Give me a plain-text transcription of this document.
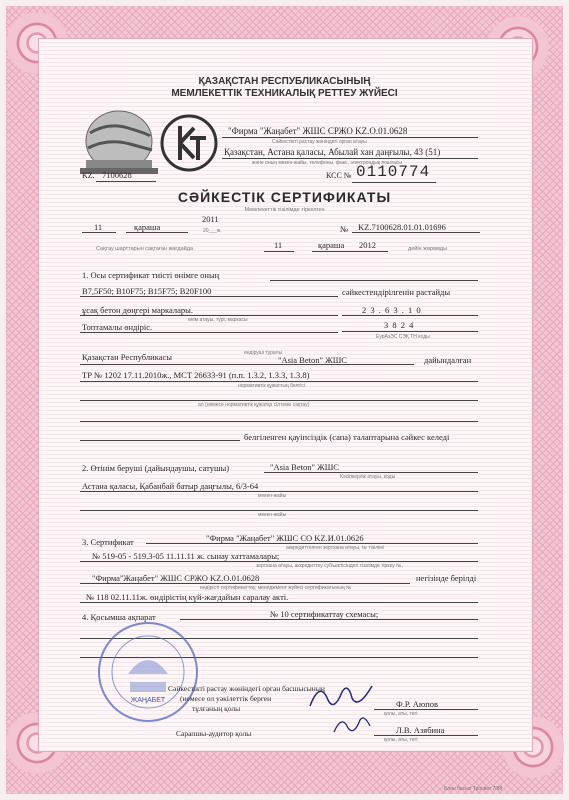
ҚАЗАҚСТАН РЕСПУБЛИКАСЫНЫҢ
МЕМЛЕКЕТТІК ТЕХНИКАЛЫҚ РЕТТЕУ ЖҮЙЕСІ
"Фирма "Жаңабет" ЖШС СРЖО KZ.O.01.0628
Сәйкестікті растау жөніндегі орган атауы
Қазақстан, Астана қаласы, Абылай хан даңғылы, 43 (51)
және оның мекен-жайы, телефоны, факс, электрондық поштасы
KZ. 7100628	КСС № 0110774
СӘЙКЕСТІК СЕРТИФИКАТЫ
Мемлекеттік тізілімде тіркелген
11	қараша
2011
20___ж.	№ KZ.7100628.01.01.01696
Сақтау шарттарын сақтаған жағдайда	11	қараша 2012	дейін жарамды
1. Осы сертификат тиісті өнімге оның
B7,5F50; B10F75; B15F75; B20F100	сәйкестендірілгенін растайды
ұсақ бетон дөңгері маркалары.	2 3 . 6 3 . 1 0
өнім атауы, түрі, маркасы
Топтамалы өндіріс.	3 8 2 4
ЕурАзЭС СЭҚ ТН коды
Қазақстан Республикасы	өндіруші туралы
"Asia Beton" ЖШС	дайындалған
ТР № 1202 17.11.2010ж., МСТ 26633-91 (п.п. 1.3.2, 1.3.3, 1.3.8)
нормативтік құжаттың белгісі
ал (немесе нормативтік құжатқа сілтеме сақтау)
белгіленген қауіпсіздік (сапа) талаптарына сәйкес келеді
2. Өтінім беруші (дайындаушы, сатушы)	"Asia Beton" ЖШС
Кәсіпкерлік атауы, коды
Астана қаласы, Қабанбай батыр даңғылы, 6/3-64
мекен-жайы
мекен-жайы
3. Сертификат	"Фирма "Жаңабет" ЖШС СО KZ.И.01.0626
аккредиттелген зертхана атауы, № тізілімі
№ 519-05 - 519.3-05 11.11.11 ж. сынау хаттамалары;
зертхана атауы, аккредиттеу субъектісіндегі тізілімде тіркеу №,
"Фирма"Жаңабет" ЖШС СРЖО KZ.O.01.0628	негізінде берілді
өндірісті сертификаттау, менеджмент жүйесі сертификатының №
№ 118 02.11.11ж. өндірістің күй-жағдайын саралау акті.
4. Қосымша ақпарат	№ 10 сертификаттау схемасы;
ЖАҢАБЕТ
Сәйкестікті растау жөніндегі орган басшысының
(немесе ол уәкілеттік берген
тұлғаның қолы	Ф.Р. Аюпов
қолы, аты, тегі
Сарапшы-аудитор қолы	Л.В. Азябина
қолы, аты, тегі
Блан басып Тросвет 7/88
